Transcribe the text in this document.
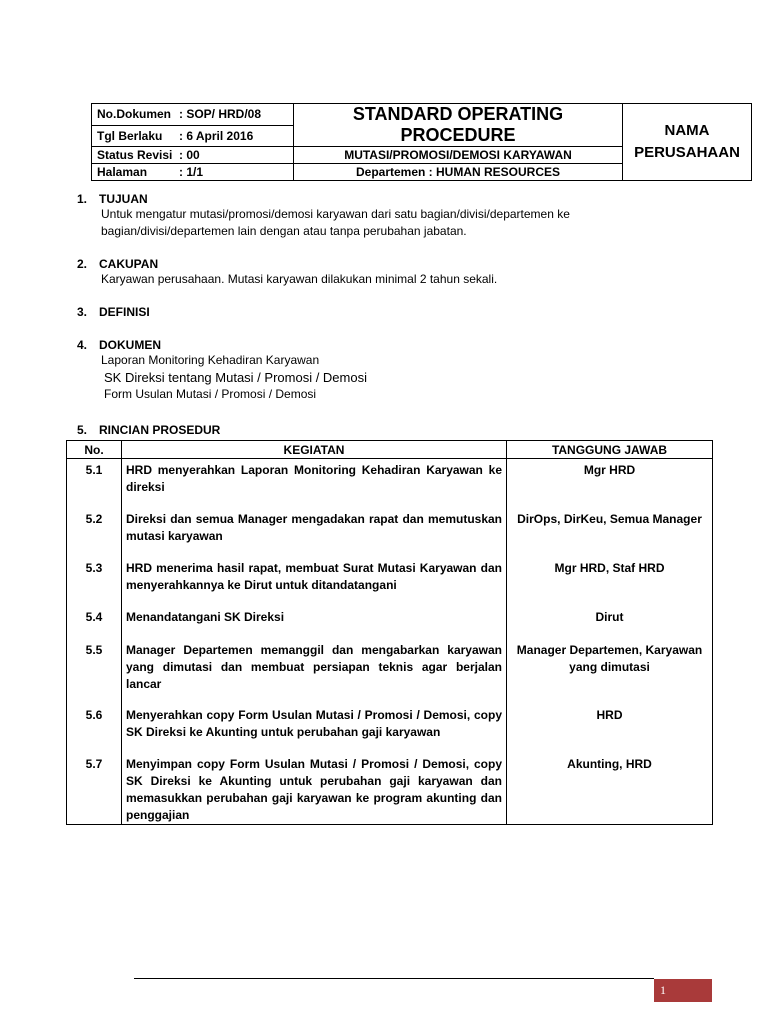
No.Dokumen : SOP/ HRD/08	STANDARD OPERATING PROCEDURE	NAMA
PERUSAHAAN

Tgl Berlaku : 6 April 2016		
Status Revisi : 00	MUTASI/PROMOSI/DEMOSI KARYAWAN	
Halaman : 1/1	Departemen : HUMAN RESOURCES	
1. TUJUAN
Untuk mengatur mutasi/promosi/demosi karyawan dari satu bagian/divisi/departemen ke
bagian/divisi/departemen lain dengan atau tanpa perubahan jabatan.
2. CAKUPAN
Karyawan perusahaan. Mutasi karyawan dilakukan minimal 2 tahun sekali.
3. DEFINISI
4. DOKUMEN
Laporan Monitoring Kehadiran Karyawan
SK Direksi tentang Mutasi / Promosi / Demosi
Form Usulan Mutasi / Promosi / Demosi
5. RINCIAN PROSEDUR
No.	KEGIATAN	TANGGUNG JAWAB
5.1	HRD menyerahkan Laporan Monitoring Kehadiran Karyawan ke direksi	Mgr HRD
5.2	Direksi dan semua Manager mengadakan rapat dan memutuskan mutasi karyawan	DirOps, DirKeu, Semua Manager
5.3	HRD menerima hasil rapat, membuat Surat Mutasi Karyawan dan menyerahkannya ke Dirut untuk ditandatangani	Mgr HRD, Staf HRD
5.4	Menandatangani SK Direksi	Dirut
5.5	Manager Departemen memanggil dan mengabarkan karyawan yang dimutasi dan membuat persiapan teknis agar berjalan lancar	Manager Departemen, Karyawan yang dimutasi
5.6	Menyerahkan copy Form Usulan Mutasi / Promosi / Demosi, copy SK Direksi ke Akunting untuk perubahan gaji karyawan	HRD
5.7	Menyimpan copy Form Usulan Mutasi / Promosi / Demosi, copy SK Direksi ke Akunting untuk perubahan gaji karyawan dan memasukkan perubahan gaji karyawan ke program akunting dan penggajian	Akunting, HRD
1
